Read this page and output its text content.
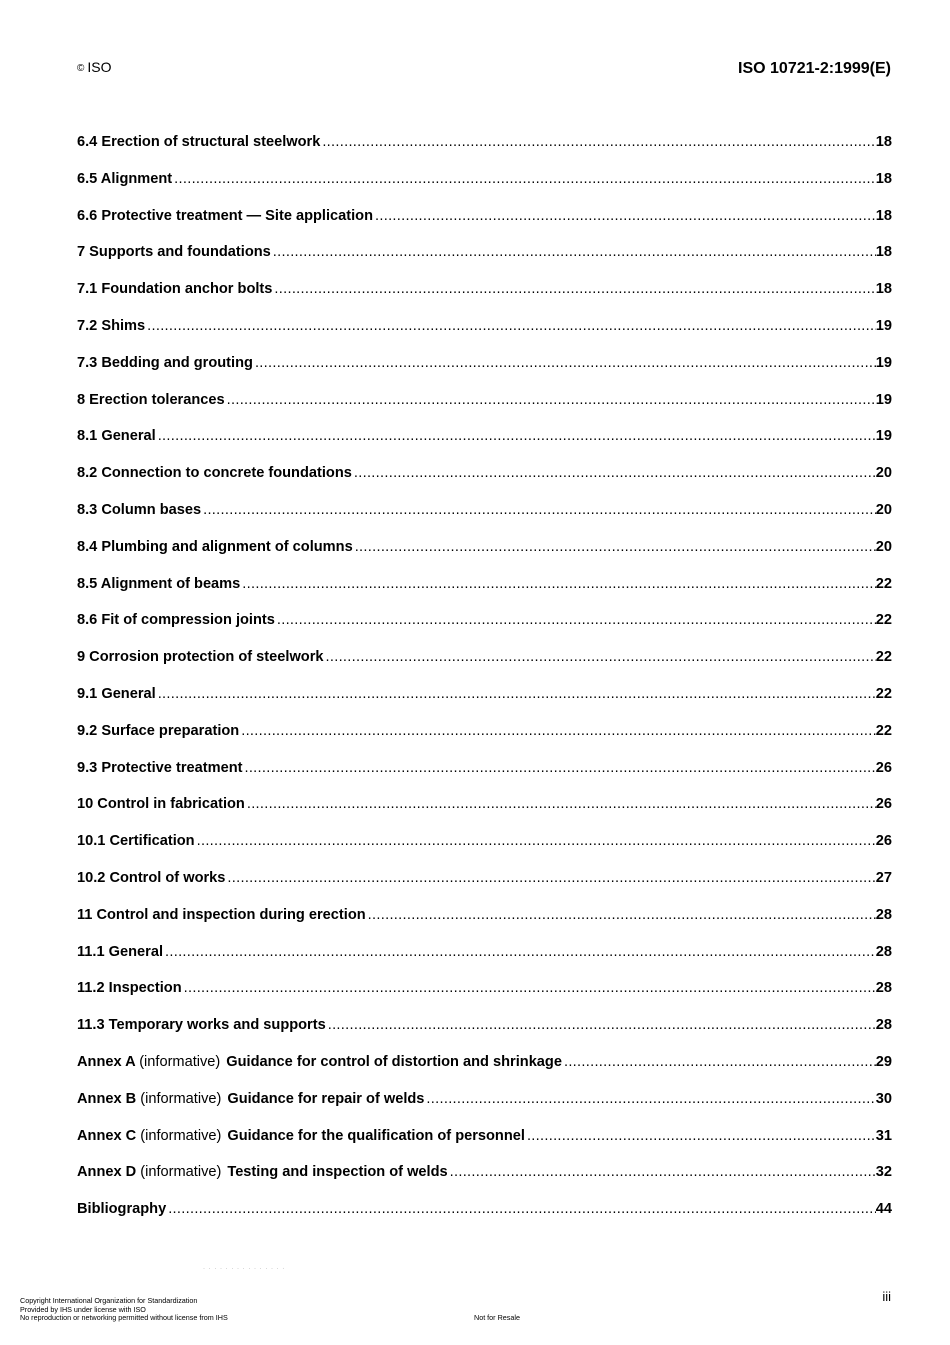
© ISO	ISO 10721-2:1999(E)
6.4 Erection of structural steelwork .....	18
6.5 Alignment .....	18
6.6 Protective treatment — Site application .....	18
7 Supports and foundations .....	18
7.1 Foundation anchor bolts .....	18
7.2 Shims .....	19
7.3 Bedding and grouting .....	19
8 Erection tolerances .....	19
8.1 General .....	19
8.2 Connection to concrete foundations .....	20
8.3 Column bases .....	20
8.4 Plumbing and alignment of columns .....	20
8.5 Alignment of beams .....	22
8.6 Fit of compression joints .....	22
9 Corrosion protection of steelwork .....	22
9.1 General .....	22
9.2 Surface preparation .....	22
9.3 Protective treatment .....	26
10 Control in fabrication .....	26
10.1 Certification .....	26
10.2 Control of works .....	27
11 Control and inspection during erection .....	28
11.1 General .....	28
11.2 Inspection .....	28
11.3 Temporary works and supports .....	28
Annex A (informative) Guidance for control of distortion and shrinkage .....	29
Annex B (informative) Guidance for repair of welds .....	30
Annex C (informative) Guidance for the qualification of personnel .....	31
Annex D (informative) Testing and inspection of welds .....	32
Bibliography .....	44
· · · · · · · · · · · · · · ·
Copyright International Organization for Standardization
Provided by IHS under license with ISO
No reproduction or networking permitted without license from IHS	Not for Resale
iii
